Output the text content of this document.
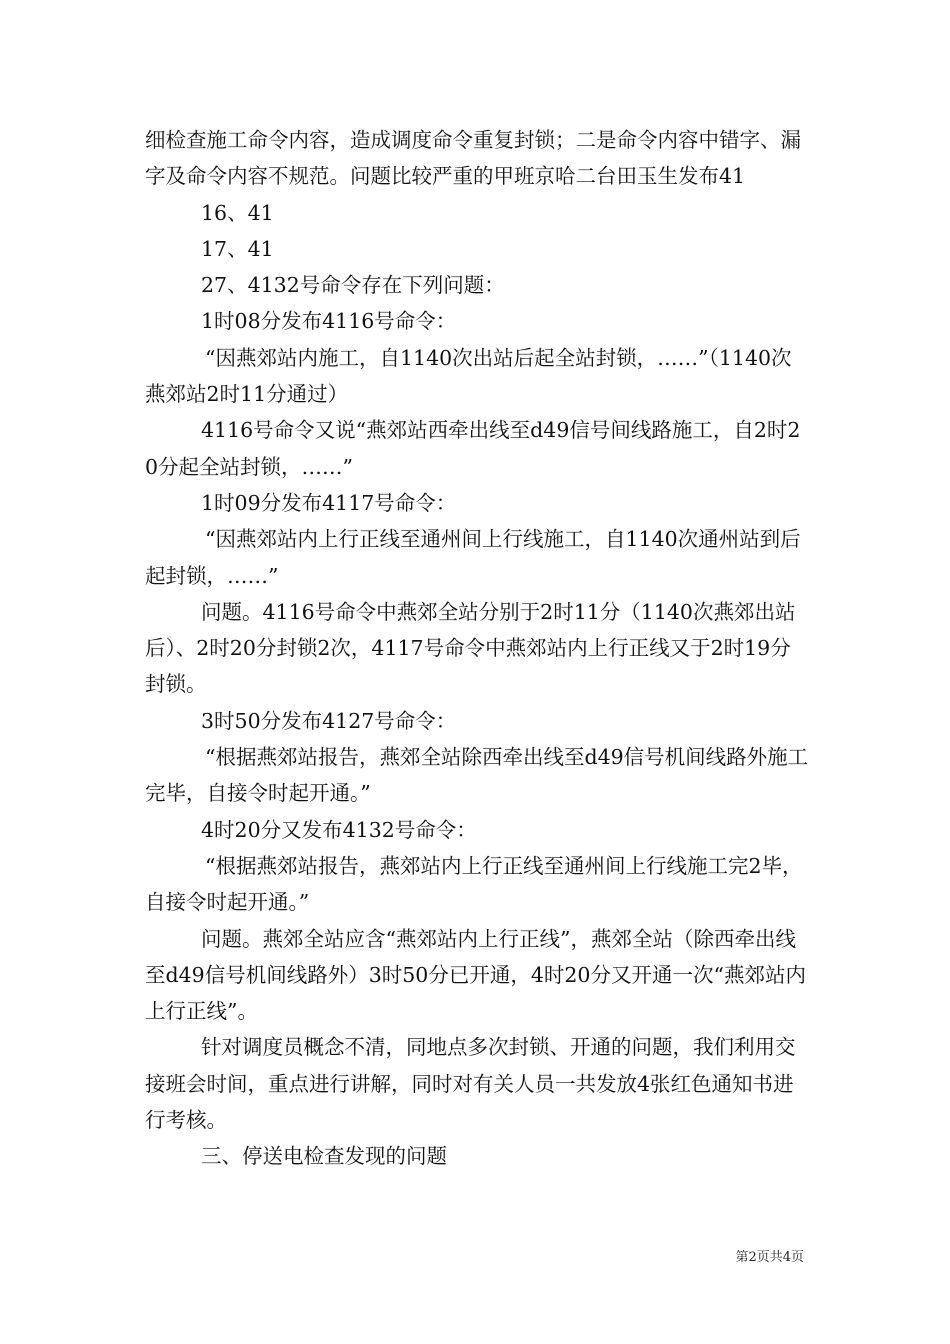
细检查施工命令内容，造成调度命令重复封锁；二是命令内容中错字、漏字及命令内容不规范。问题比较严重的甲班京哈二台田玉生发布41

16、41

17、41

27、4132号命令存在下列问题：

1时08分发布4116号命令：

“因燕郊站内施工，自1140次出站后起全站封锁，……”（1140次燕郊站2时11分通过）

4116号命令又说“燕郊站西牵出线至d49信号间线路施工，自2时20分起全站封锁，……”

1时09分发布4117号命令：

“因燕郊站内上行正线至通州间上行线施工，自1140次通州站到后起封锁，……”

问题。4116号命令中燕郊全站分别于2时11分（1140次燕郊出站后）、2时20分封锁2次，4117号命令中燕郊站内上行正线又于2时19分封锁。

3时50分发布4127号命令：

“根据燕郊站报告，燕郊全站除西牵出线至d49信号机间线路外施工完毕，自接令时起开通。”

4时20分又发布4132号命令：

“根据燕郊站报告，燕郊站内上行正线至通州间上行线施工完2毕，自接令时起开通。”

问题。燕郊全站应含“燕郊站内上行正线”，燕郊全站（除西牵出线至d49信号机间线路外）3时50分已开通，4时20分又开通一次“燕郊站内上行正线”。

针对调度员概念不清，同地点多次封锁、开通的问题，我们利用交接班会时间，重点进行讲解，同时对有关人员一共发放4张红色通知书进行考核。

三、停送电检查发现的问题

第2页共4页
